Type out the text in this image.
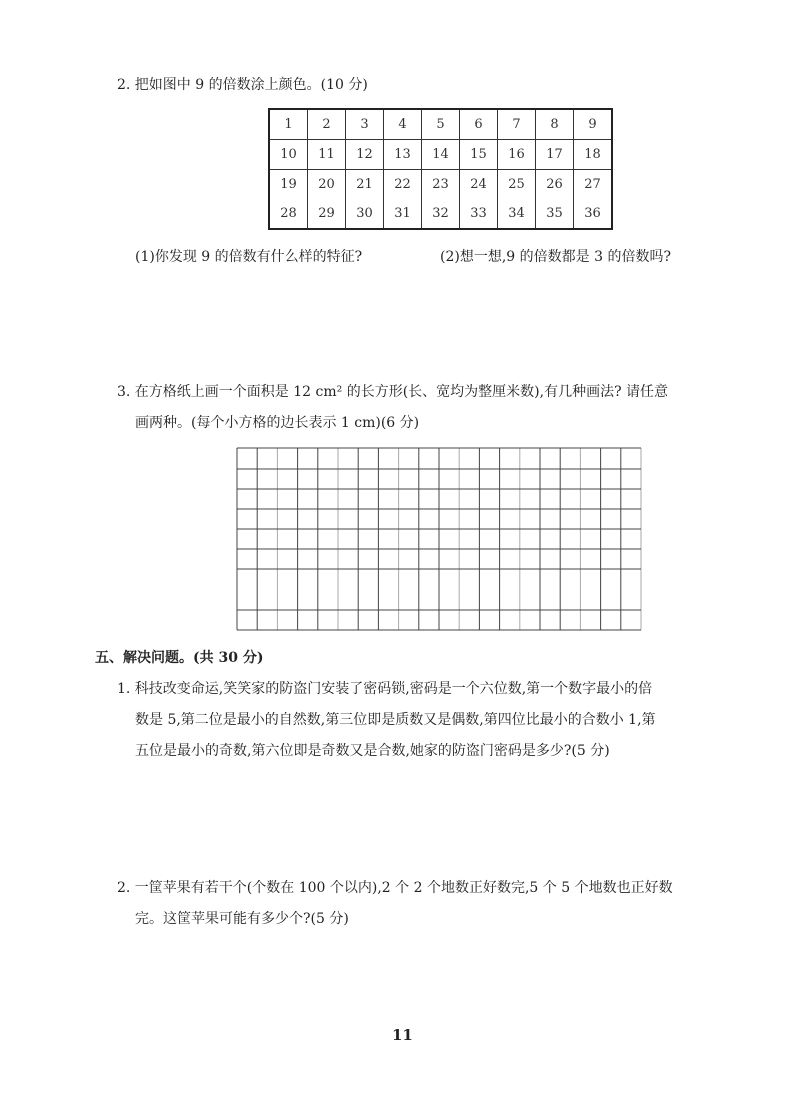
2. 把如图中 9 的倍数涂上颜色。(10 分)
1	2	3	4	5	6	7	8	9
10	11	12	13	14	15	16	17	18
19	20	21	22	23	24	25	26	27
28	29	30	31	32	33	34	35	36
(1)你发现 9 的倍数有什么样的特征?	(2)想一想,9 的倍数都是 3 的倍数吗?
3. 在方格纸上画一个面积是 12 cm² 的长方形(长、宽均为整厘米数),有几种画法? 请任意
画两种。(每个小方格的边长表示 1 cm)(6 分)
五、解决问题。(共 30 分)
1. 科技改变命运,笑笑家的防盗门安装了密码锁,密码是一个六位数,第一个数字最小的倍
数是 5,第二位是最小的自然数,第三位即是质数又是偶数,第四位比最小的合数小 1,第
五位是最小的奇数,第六位即是奇数又是合数,她家的防盗门密码是多少?(5 分)
2. 一筐苹果有若干个(个数在 100 个以内),2 个 2 个地数正好数完,5 个 5 个地数也正好数
完。这筐苹果可能有多少个?(5 分)
11
